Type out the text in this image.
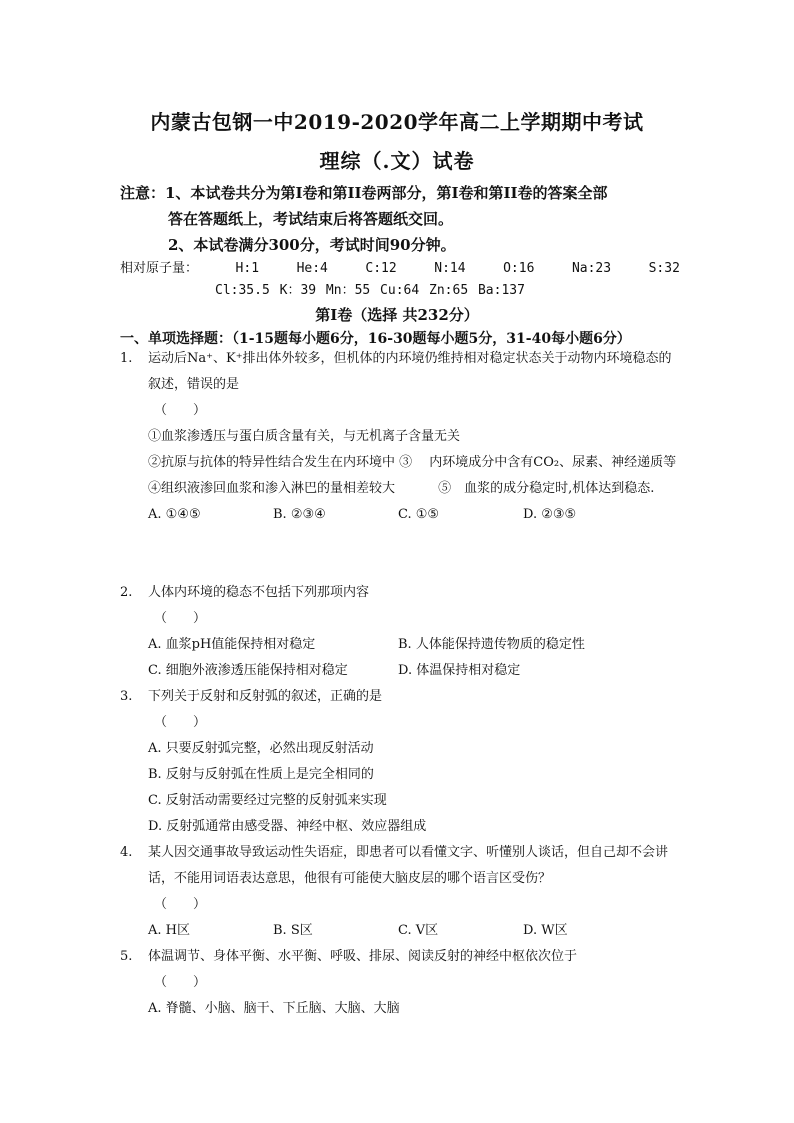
内蒙古包钢一中2019-2020学年高二上学期期中考试
理综（.文）试卷
注意：1、本试卷共分为第Ⅰ卷和第II卷两部分，第Ⅰ卷和第II卷的答案全部
答在答题纸上，考试结束后将答题纸交回。
2、本试卷满分300分，考试时间90分钟。
相对原子量：	H:1	He:4	C:12	N:14	O:16	Na:23	S:32
Cl:35.5 K：39 Mn：55 Cu:64 Zn:65 Ba:137
第Ⅰ卷（选择 共232分）
一、单项选择题：（1-15题每小题6分，16-30题每小题5分，31-40每小题6分）
1. 运动后Na⁺、K⁺排出体外较多，但机体的内环境仍维持相对稳定状态关于动物内环境稳态的叙述，错误的是
（　　）
①血浆渗透压与蛋白质含量有关，与无机离子含量无关
②抗原与抗体的特异性结合发生在内环境中 ③　 内环境成分中含有CO₂、尿素、神经递质等
④组织液渗回血浆和渗入淋巴的量相差较大　　　 ⑤　血浆的成分稳定时,机体达到稳态.
A. ①④⑤	B. ②③④	C. ①⑤	D. ②③⑤
2. 人体内环境的稳态不包括下列那项内容
（　　）
A. 血浆pH值能保持相对稳定	B. 人体能保持遗传物质的稳定性
C. 细胞外液渗透压能保持相对稳定	D. 体温保持相对稳定
3. 下列关于反射和反射弧的叙述，正确的是
（　　）
A. 只要反射弧完整，必然出现反射活动
B. 反射与反射弧在性质上是完全相同的
C. 反射活动需要经过完整的反射弧来实现
D. 反射弧通常由感受器、神经中枢、效应器组成
4. 某人因交通事故导致运动性失语症，即患者可以看懂文字、听懂别人谈话，但自己却不会讲话，不能用词语表达意思，他很有可能使大脑皮层的哪个语言区受伤？
（　　）
A. H区	B. S区	C. V区	D. W区
5. 体温调节、身体平衡、水平衡、呼吸、排尿、阅读反射的神经中枢依次位于
（　　）
A. 脊髓、小脑、脑干、下丘脑、大脑、大脑
